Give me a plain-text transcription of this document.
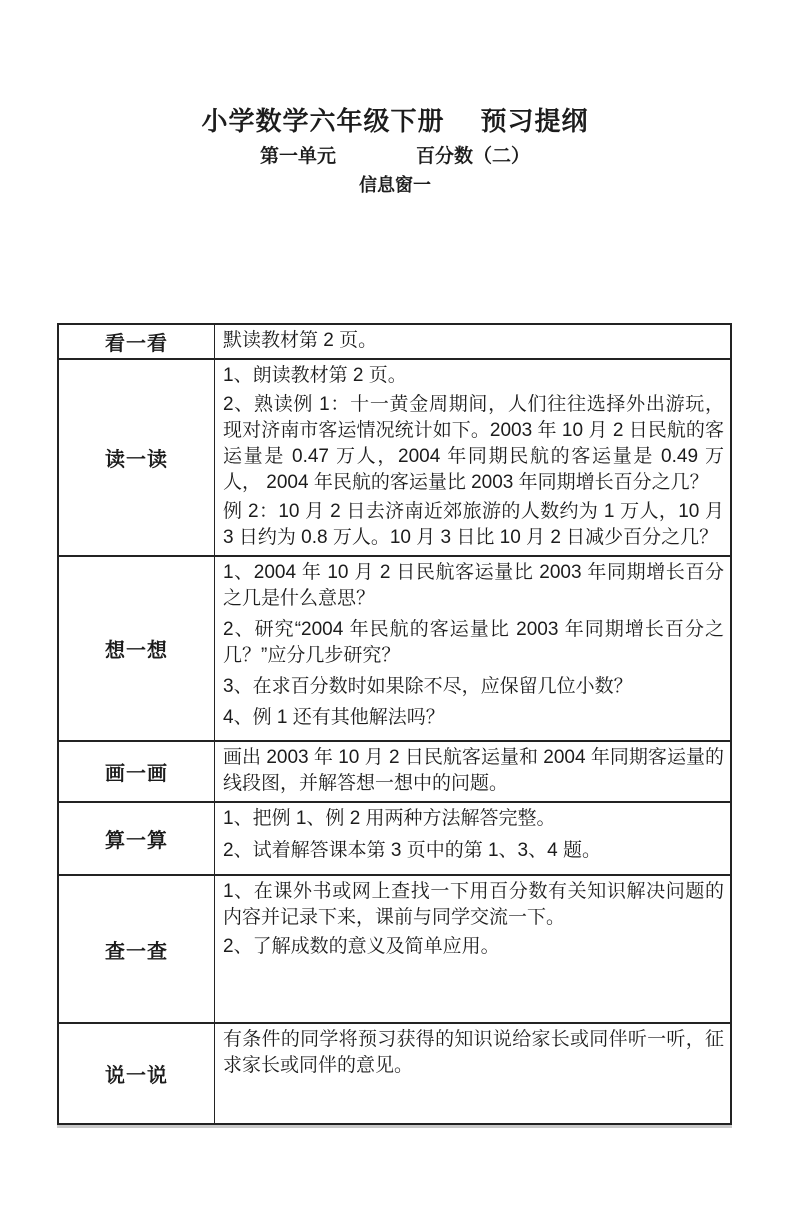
小学数学六年级下册 预习提纲
第一单元	百分数（二）
信息窗一
看一看	默读教材第 2 页。

读一读

1、朗读教材第 2 页。

2、熟读例 1：十一黄金周期间，人们往往选择外出游玩，现对济南市客运情况统计如下。2003 年 10 月 2 日民航的客运量是 0.47 万人，2004 年同期民航的客运量是 0.49 万人， 2004 年民航的客运量比 2003 年同期增长百分之几？

例 2：10 月 2 日去济南近郊旅游的人数约为 1 万人，10 月 3 日约为 0.8 万人。10 月 3 日比 10 月 2 日减少百分之几？

想一想

1、2004 年 10 月 2 日民航客运量比 2003 年同期增长百分之几是什么意思？

2、研究“2004 年民航的客运量比 2003 年同期增长百分之几？”应分几步研究？

3、在求百分数时如果除不尽，应保留几位小数？

4、例 1 还有其他解法吗？

画一画

画出 2003 年 10 月 2 日民航客运量和 2004 年同期客运量的线段图，并解答想一想中的问题。

算一算

1、把例 1、例 2 用两种方法解答完整。

2、试着解答课本第 3 页中的第 1、3、4 题。

查一查

1、在课外书或网上查找一下用百分数有关知识解决问题的内容并记录下来，课前与同学交流一下。

2、了解成数的意义及简单应用。

说一说

有条件的同学将预习获得的知识说给家长或同伴听一听，征求家长或同伴的意见。
